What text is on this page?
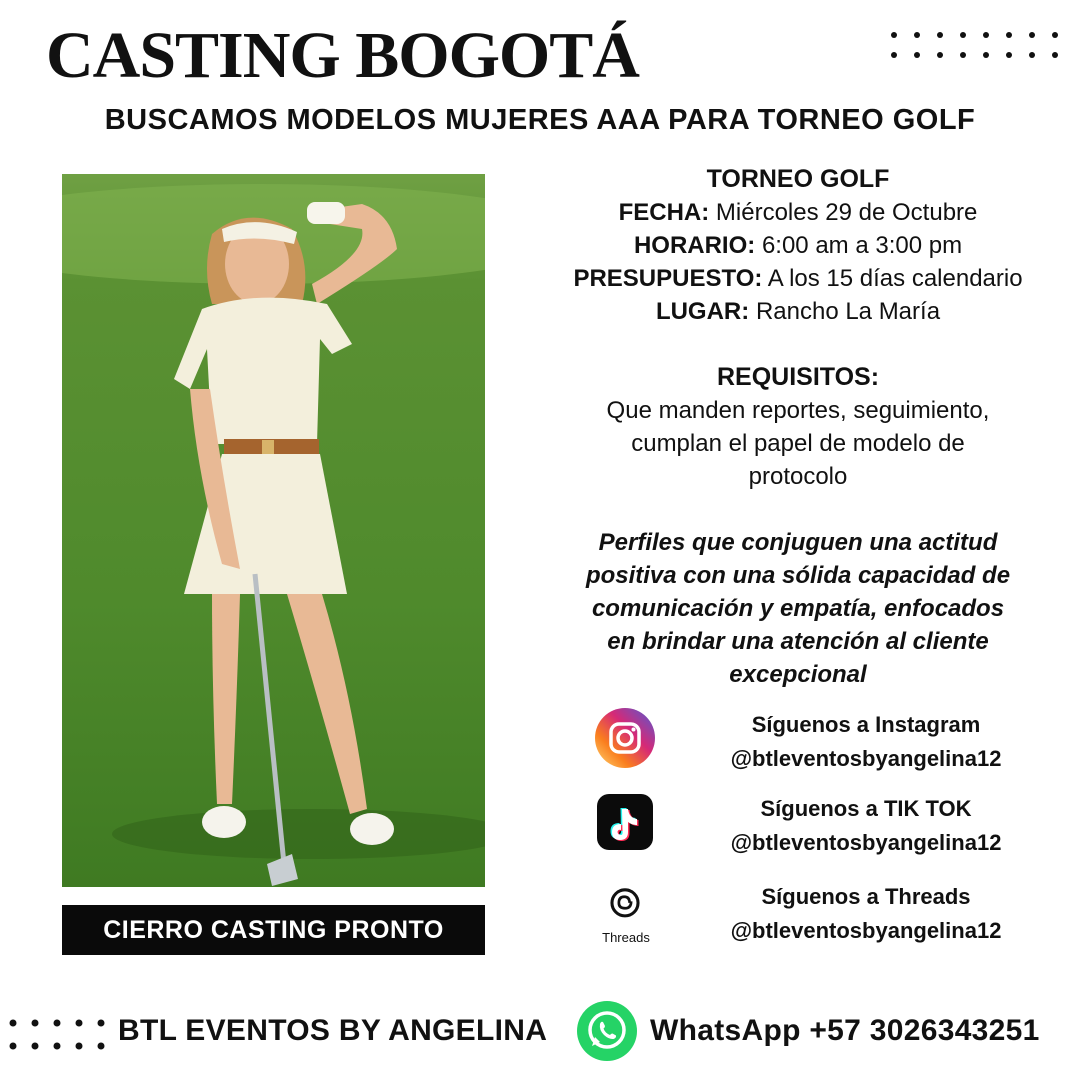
CASTING BOGOTÁ
BUSCAMOS MODELOS MUJERES AAA PARA TORNEO GOLF
CIERRO CASTING PRONTO
TORNEO GOLF
FECHA: Miércoles 29 de Octubre
HORARIO: 6:00 am a 3:00 pm
PRESUPUESTO: A los 15 días calendario
LUGAR: Rancho La María
REQUISITOS:
Que manden reportes, seguimiento,
cumplan el papel de modelo de
protocolo
Perfiles que conjuguen una actitud
positiva con una sólida capacidad de
comunicación y empatía, enfocados
en brindar una atención al cliente
excepcional
Síguenos a Instagram
@btleventosbyangelina12
Síguenos a TIK TOK
@btleventosbyangelina12
Threads
Síguenos a Threads
@btleventosbyangelina12
BTL EVENTOS BY ANGELINA	WhatsApp +57 3026343251
